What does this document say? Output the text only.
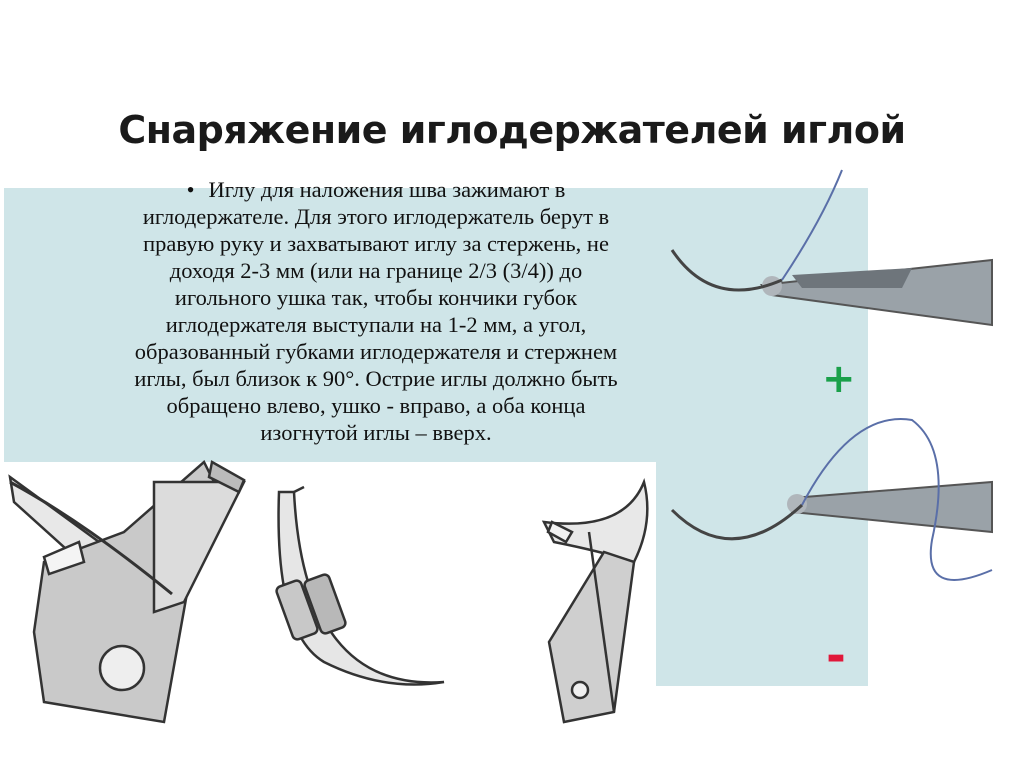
Снаряжение иглодержателей иглой
• Иглу для наложения шва зажимают в
иглодержателе. Для этого иглодержатель берут в
правую руку и захватывают иглу за стержень, не
доходя 2-3 мм (или на границе 2/3 (3/4)) до
игольного ушка так, чтобы кончики губок
иглодержателя выступали на 1-2 мм, а угол,
образованный губками иглодержателя и стержнем
иглы, был близок к 90°. Острие иглы должно быть
обращено влево, ушко - вправо, а оба конца
изогнутой иглы – вверх.
+
-
